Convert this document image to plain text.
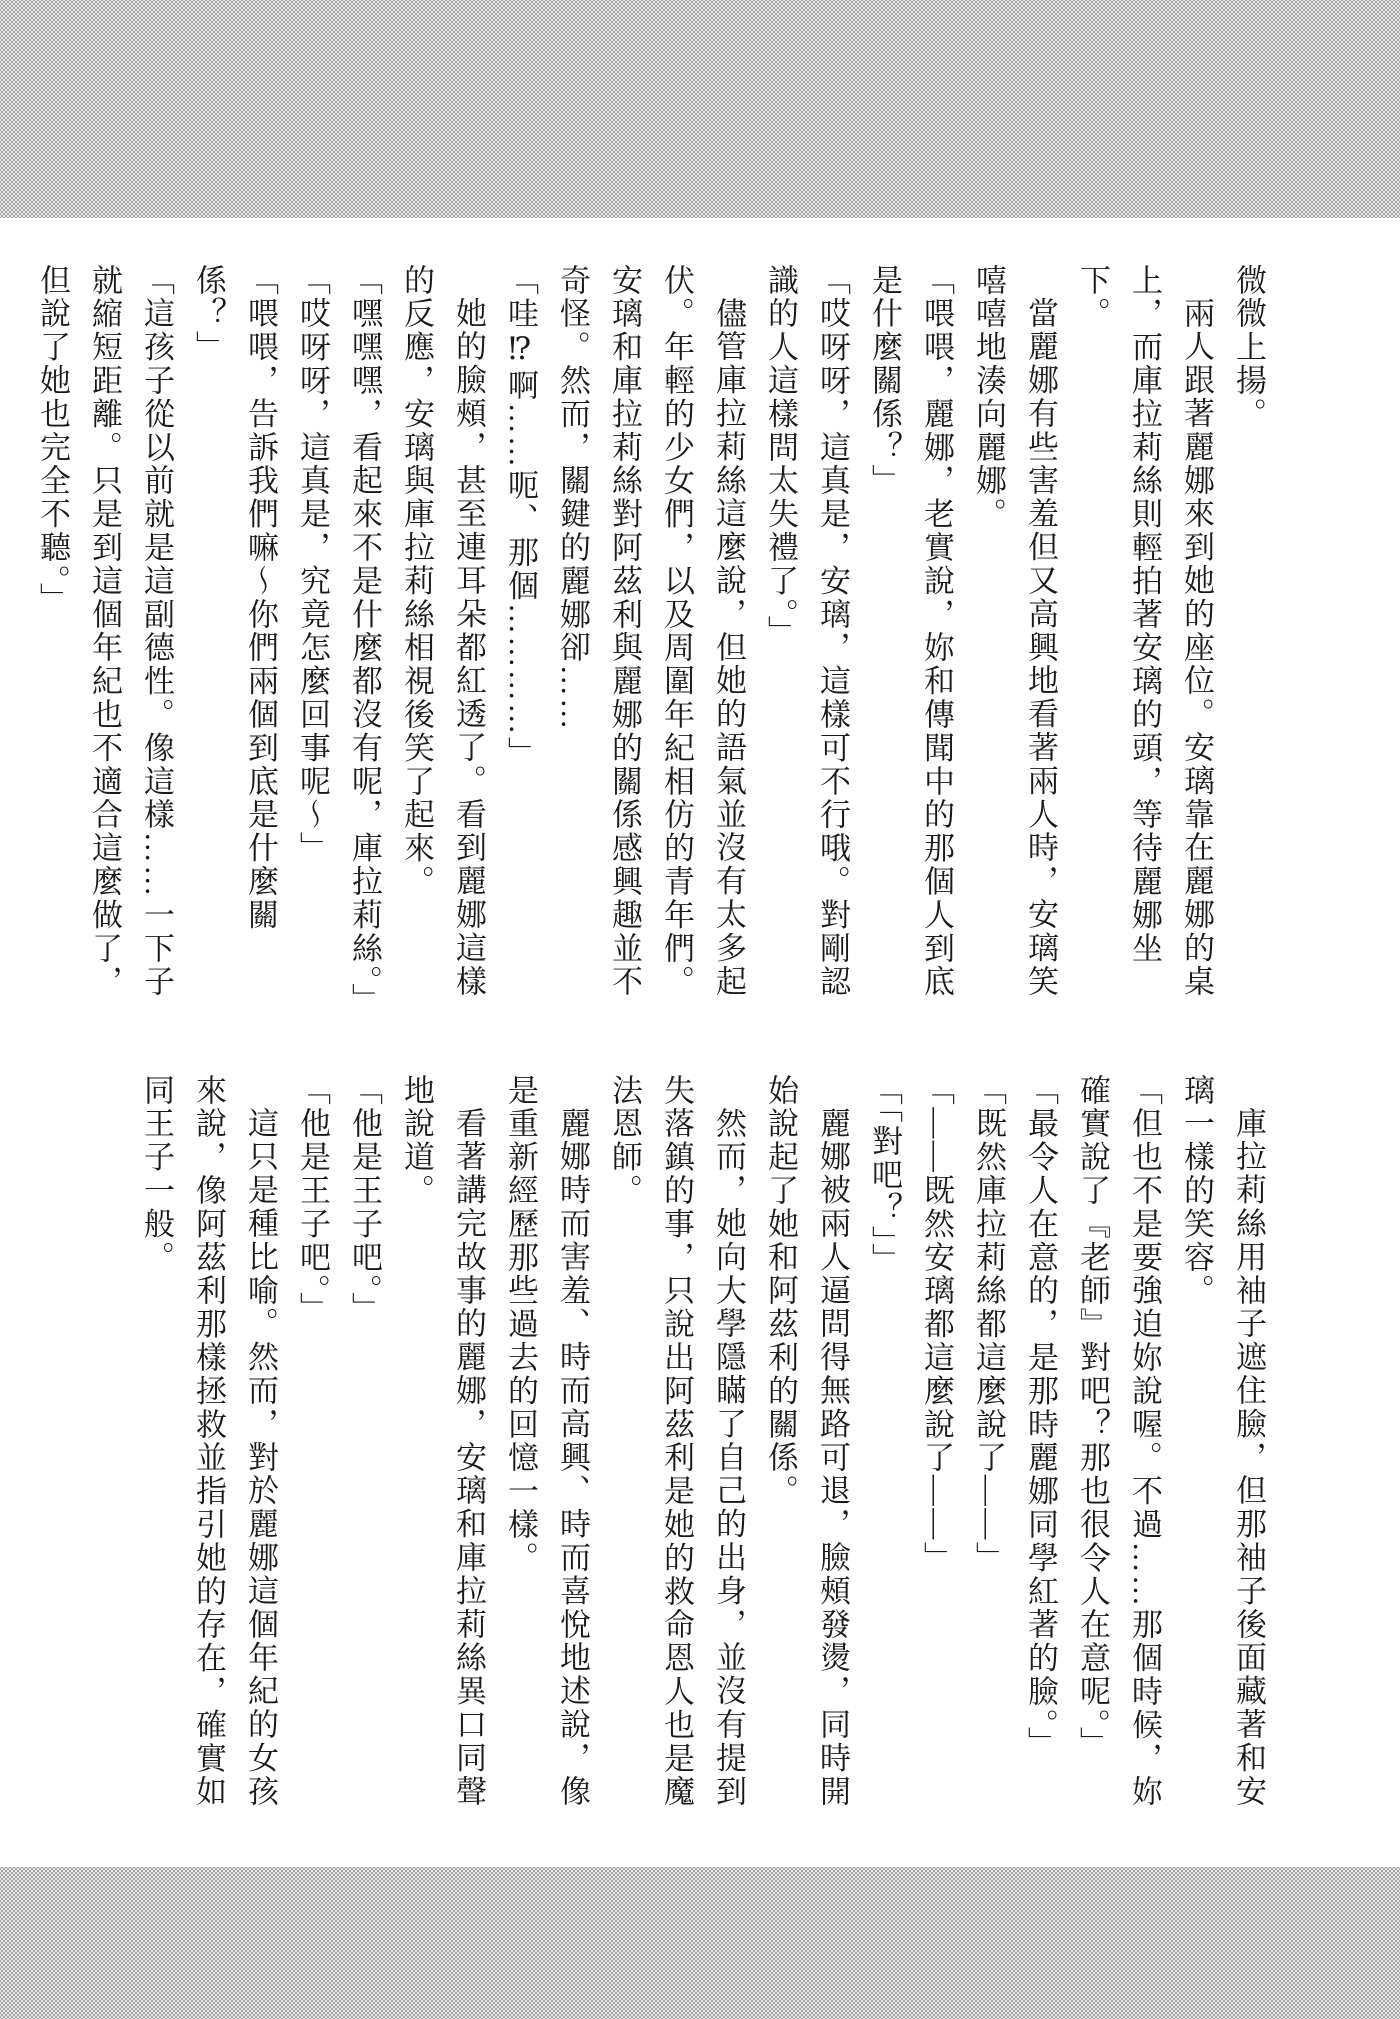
微微上揚。

兩人跟著麗娜來到她的座位。安璃靠在麗娜的桌上，而庫拉莉絲則輕拍著安璃的頭，等待麗娜坐下。

當麗娜有些害羞但又高興地看著兩人時，安璃笑嘻嘻地湊向麗娜。

「喂喂，麗娜，老實說，妳和傳聞中的那個人到底是什麼關係？」

「哎呀呀，這真是，安璃，這樣可不行哦。對剛認識的人這樣問太失禮了。」

儘管庫拉莉絲這麼說，但她的語氣並沒有太多起伏。年輕的少女們，以及周圍年紀相仿的青年們。安璃和庫拉莉絲對阿茲利與麗娜的關係感興趣並不奇怪。然而，關鍵的麗娜卻……

「哇⁉啊……呃、那個…………」

她的臉頰，甚至連耳朵都紅透了。看到麗娜這樣的反應，安璃與庫拉莉絲相視後笑了起來。

「嘿嘿嘿，看起來不是什麼都沒有呢，庫拉莉絲。」

「哎呀呀，這真是，究竟怎麼回事呢～」

「喂喂，告訴我們嘛～你們兩個到底是什麼關係？」

「這孩子從以前就是這副德性。像這樣……一下子就縮短距離。只是到這個年紀也不適合這麼做了，但說了她也完全不聽。」

庫拉莉絲用袖子遮住臉，但那袖子後面藏著和安璃一樣的笑容。

「但也不是要強迫妳說喔。不過……那個時候，妳確實說了『老師』對吧？那也很令人在意呢。」

「最令人在意的，是那時麗娜同學紅著的臉。」

「既然庫拉莉絲都這麼說了——」

「——既然安璃都這麼說了——」

「「對吧？」」

麗娜被兩人逼問得無路可退，臉頰發燙，同時開始說起了她和阿茲利的關係。

然而，她向大學隱瞞了自己的出身，並沒有提到失落鎮的事，只說出阿茲利是她的救命恩人也是魔法恩師。

麗娜時而害羞、時而高興、時而喜悅地述說，像是重新經歷那些過去的回憶一樣。

看著講完故事的麗娜，安璃和庫拉莉絲異口同聲地說道。

「他是王子吧。」

「他是王子吧。」

這只是種比喻。然而，對於麗娜這個年紀的女孩來說，像阿茲利那樣拯救並指引她的存在，確實如同王子一般。
